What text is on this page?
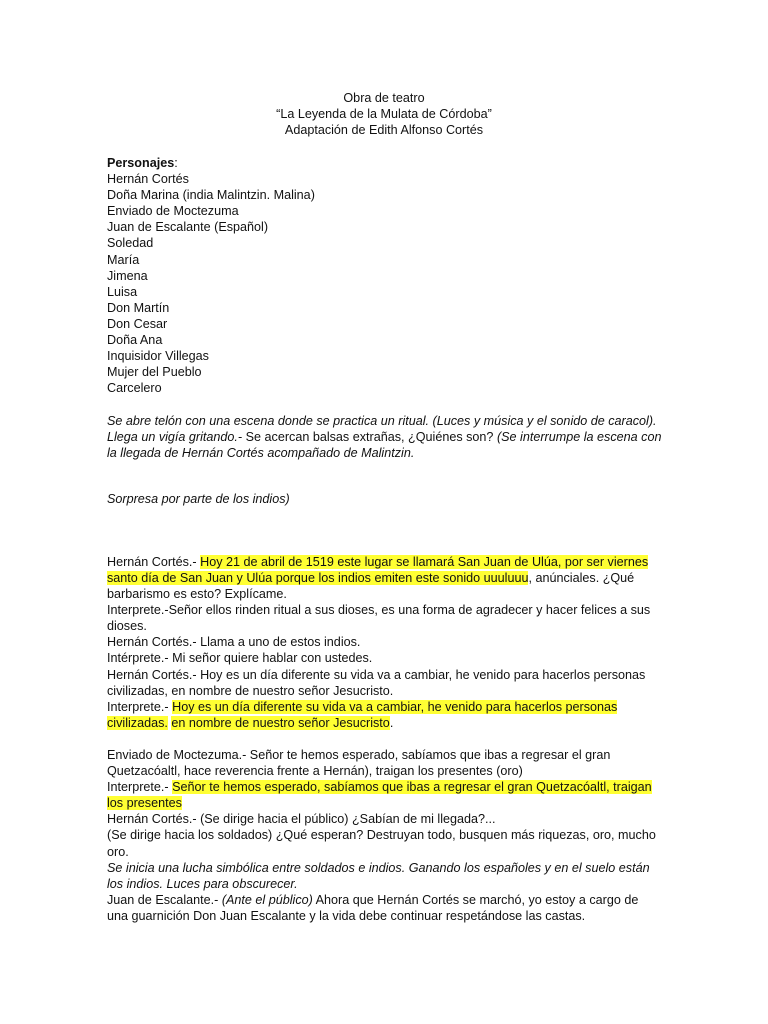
Obra de teatro
“La Leyenda de la Mulata de Córdoba”
Adaptación de Edith Alfonso Cortés
Personajes:
Hernán Cortés
Doña Marina (india Malintzin. Malina)
Enviado de Moctezuma
Juan de Escalante (Español)
Soledad
María
Jimena
Luisa
Don Martín
Don Cesar
Doña Ana
Inquisidor Villegas
Mujer del Pueblo
Carcelero
Se abre telón con una escena donde se practica un ritual. (Luces y música y el sonido de caracol).
Llega un vigía gritando.- Se acercan balsas extrañas, ¿Quiénes son? (Se interrumpe la escena con
la llegada de Hernán Cortés acompañado de Malintzin.
Sorpresa por parte de los indios)
Hernán Cortés.- Hoy 21 de abril de 1519 este lugar se llamará San Juan de Ulúa, por ser viernes
santo día de San Juan y Ulúa porque los indios emiten este sonido uuuluuu, anúnciales. ¿Qué
barbarismo es esto? Explícame.
Interprete.-Señor ellos rinden ritual a sus dioses, es una forma de agradecer y hacer felices a sus
dioses.
Hernán Cortés.- Llama a uno de estos indios.
Intérprete.- Mi señor quiere hablar con ustedes.
Hernán Cortés.- Hoy es un día diferente su vida va a cambiar, he venido para hacerlos personas
civilizadas, en nombre de nuestro señor Jesucristo.
Interprete.- Hoy es un día diferente su vida va a cambiar, he venido para hacerlos personas
civilizadas. en nombre de nuestro señor Jesucristo.
Enviado de Moctezuma.- Señor te hemos esperado, sabíamos que ibas a regresar el gran
Quetzacóaltl, hace reverencia frente a Hernán), traigan los presentes (oro)
Interprete.- Señor te hemos esperado, sabíamos que ibas a regresar el gran Quetzacóaltl, traigan
los presentes
Hernán Cortés.- (Se dirige hacia el público) ¿Sabían de mi llegada?...
(Se dirige hacia los soldados) ¿Qué esperan? Destruyan todo, busquen más riquezas, oro, mucho
oro.
Se inicia una lucha simbólica entre soldados e indios. Ganando los españoles y en el suelo están
los indios. Luces para obscurecer.
Juan de Escalante.- (Ante el público) Ahora que Hernán Cortés se marchó, yo estoy a cargo de
una guarnición Don Juan Escalante y la vida debe continuar respetándose las castas.
